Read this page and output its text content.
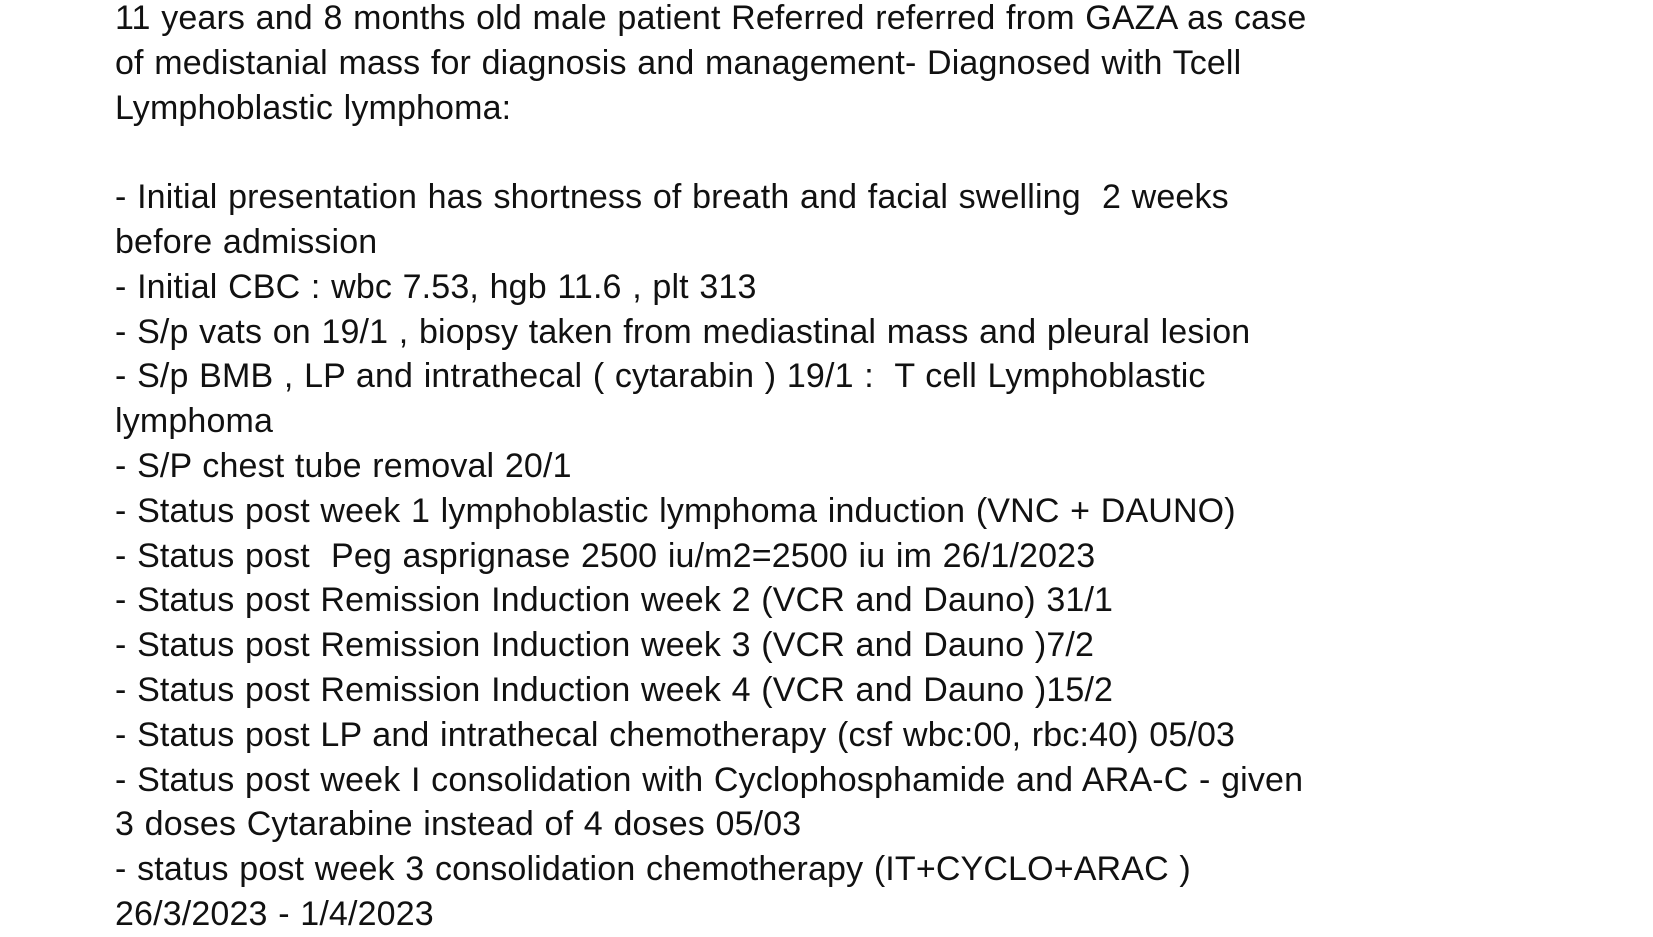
11 years and 8 months old male patient Referred referred from GAZA as case
of medistanial mass for diagnosis and management- Diagnosed with Tcell
Lymphoblastic lymphoma:
- Initial presentation has shortness of breath and facial swelling  2 weeks
before admission
- Initial CBC : wbc 7.53, hgb 11.6 , plt 313
- S/p vats on 19/1 , biopsy taken from mediastinal mass and pleural lesion
- S/p BMB , LP and intrathecal ( cytarabin ) 19/1 :  T cell Lymphoblastic
lymphoma
- S/P chest tube removal 20/1
- Status post week 1 lymphoblastic lymphoma induction (VNC + DAUNO)
- Status post  Peg asprignase 2500 iu/m2=2500 iu im 26/1/2023
- Status post Remission Induction week 2 (VCR and Dauno) 31/1
- Status post Remission Induction week 3 (VCR and Dauno )7/2
- Status post Remission Induction week 4 (VCR and Dauno )15/2
- Status post LP and intrathecal chemotherapy (csf wbc:00, rbc:40) 05/03
- Status post week I consolidation with Cyclophosphamide and ARA-C - given
3 doses Cytarabine instead of 4 doses 05/03
- status post week 3 consolidation chemotherapy (IT+CYCLO+ARAC )
26/3/2023 - 1/4/2023
